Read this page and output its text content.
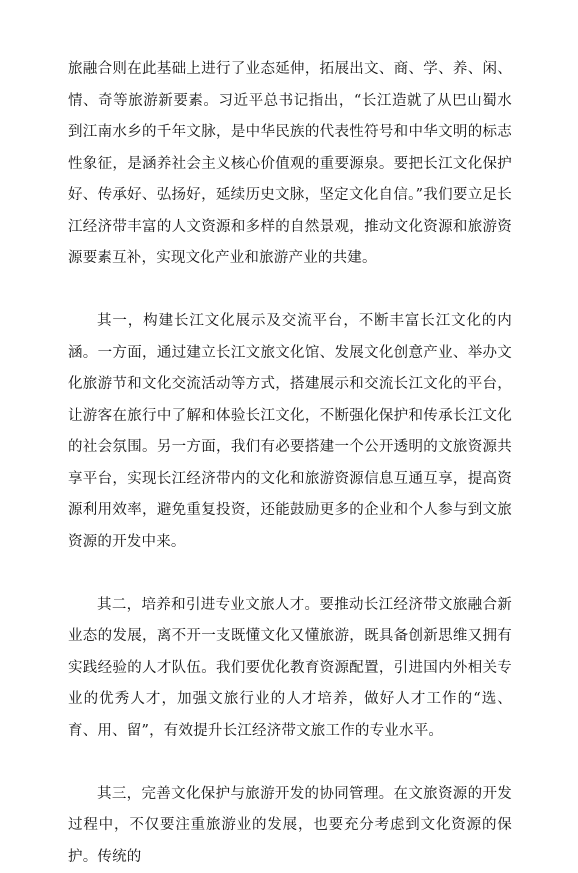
旅融合则在此基础上进行了业态延伸，拓展出文、商、学、养、闲、情、奇等旅游新要素。习近平总书记指出，“长江造就了从巴山蜀水到江南水乡的千年文脉，是中华民族的代表性符号和中华文明的标志性象征，是涵养社会主义核心价值观的重要源泉。要把长江文化保护好、传承好、弘扬好，延续历史文脉，坚定文化自信。”我们要立足长江经济带丰富的人文资源和多样的自然景观，推动文化资源和旅游资源要素互补，实现文化产业和旅游产业的共建。

其一，构建长江文化展示及交流平台，不断丰富长江文化的内涵。一方面，通过建立长江文旅文化馆、发展文化创意产业、举办文化旅游节和文化交流活动等方式，搭建展示和交流长江文化的平台，让游客在旅行中了解和体验长江文化，不断强化保护和传承长江文化的社会氛围。另一方面，我们有必要搭建一个公开透明的文旅资源共享平台，实现长江经济带内的文化和旅游资源信息互通互享，提高资源利用效率，避免重复投资，还能鼓励更多的企业和个人参与到文旅资源的开发中来。

其二，培养和引进专业文旅人才。要推动长江经济带文旅融合新业态的发展，离不开一支既懂文化又懂旅游，既具备创新思维又拥有实践经验的人才队伍。我们要优化教育资源配置，引进国内外相关专业的优秀人才，加强文旅行业的人才培养，做好人才工作的“选、育、用、留”，有效提升长江经济带文旅工作的专业水平。

其三，完善文化保护与旅游开发的协同管理。在文旅资源的开发过程中，不仅要注重旅游业的发展，也要充分考虑到文化资源的保护。传统的
